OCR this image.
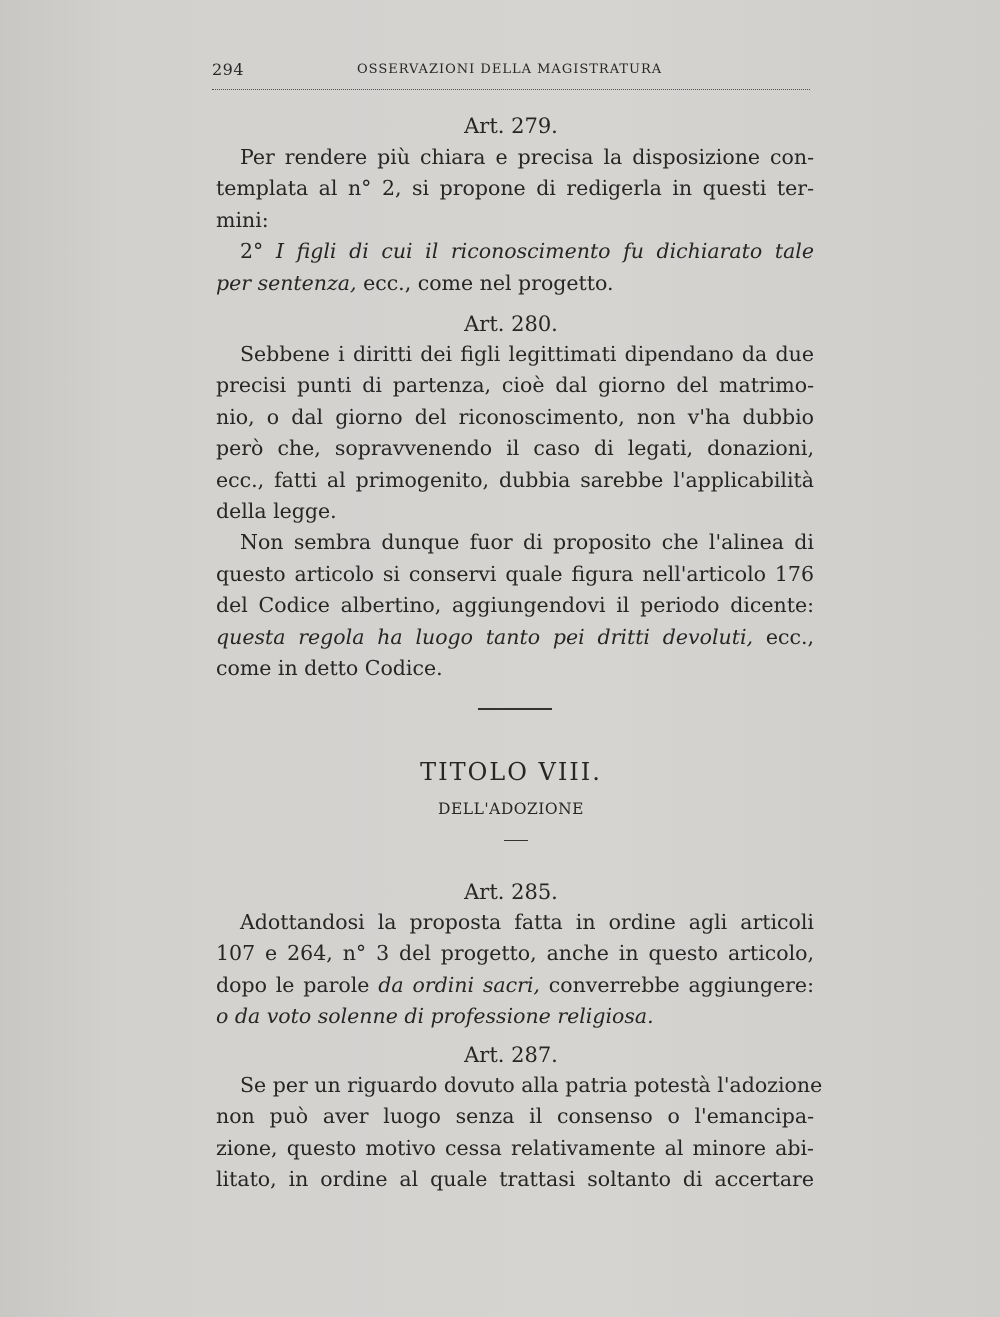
294	OSSERVAZIONI DELLA MAGISTRATURA
Art. 279.
Per rendere più chiara e precisa la disposizione con-
templata al n° 2, si propone di redigerla in questi ter-
mini:
2° I figli di cui il riconoscimento fu dichiarato tale
per sentenza, ecc., come nel progetto.
Art. 280.
Sebbene i diritti dei figli legittimati dipendano da due
precisi punti di partenza, cioè dal giorno del matrimo-
nio, o dal giorno del riconoscimento, non v'ha dubbio
però che, sopravvenendo il caso di legati, donazioni,
ecc., fatti al primogenito, dubbia sarebbe l'applicabilità
della legge.
Non sembra dunque fuor di proposito che l'alinea di
questo articolo si conservi quale figura nell'articolo 176
del Codice albertino, aggiungendovi il periodo dicente:
questa regola ha luogo tanto pei dritti devoluti, ecc.,
come in detto Codice.
TITOLO VIII.
DELL'ADOZIONE
Art. 285.
Adottandosi la proposta fatta in ordine agli articoli
107 e 264, n° 3 del progetto, anche in questo articolo,
dopo le parole da ordini sacri, converrebbe aggiungere:
o da voto solenne di professione religiosa.
Art. 287.
Se per un riguardo dovuto alla patria potestà l'adozione
non può aver luogo senza il consenso o l'emancipa-
zione, questo motivo cessa relativamente al minore abi-
litato, in ordine al quale trattasi soltanto di accertare
